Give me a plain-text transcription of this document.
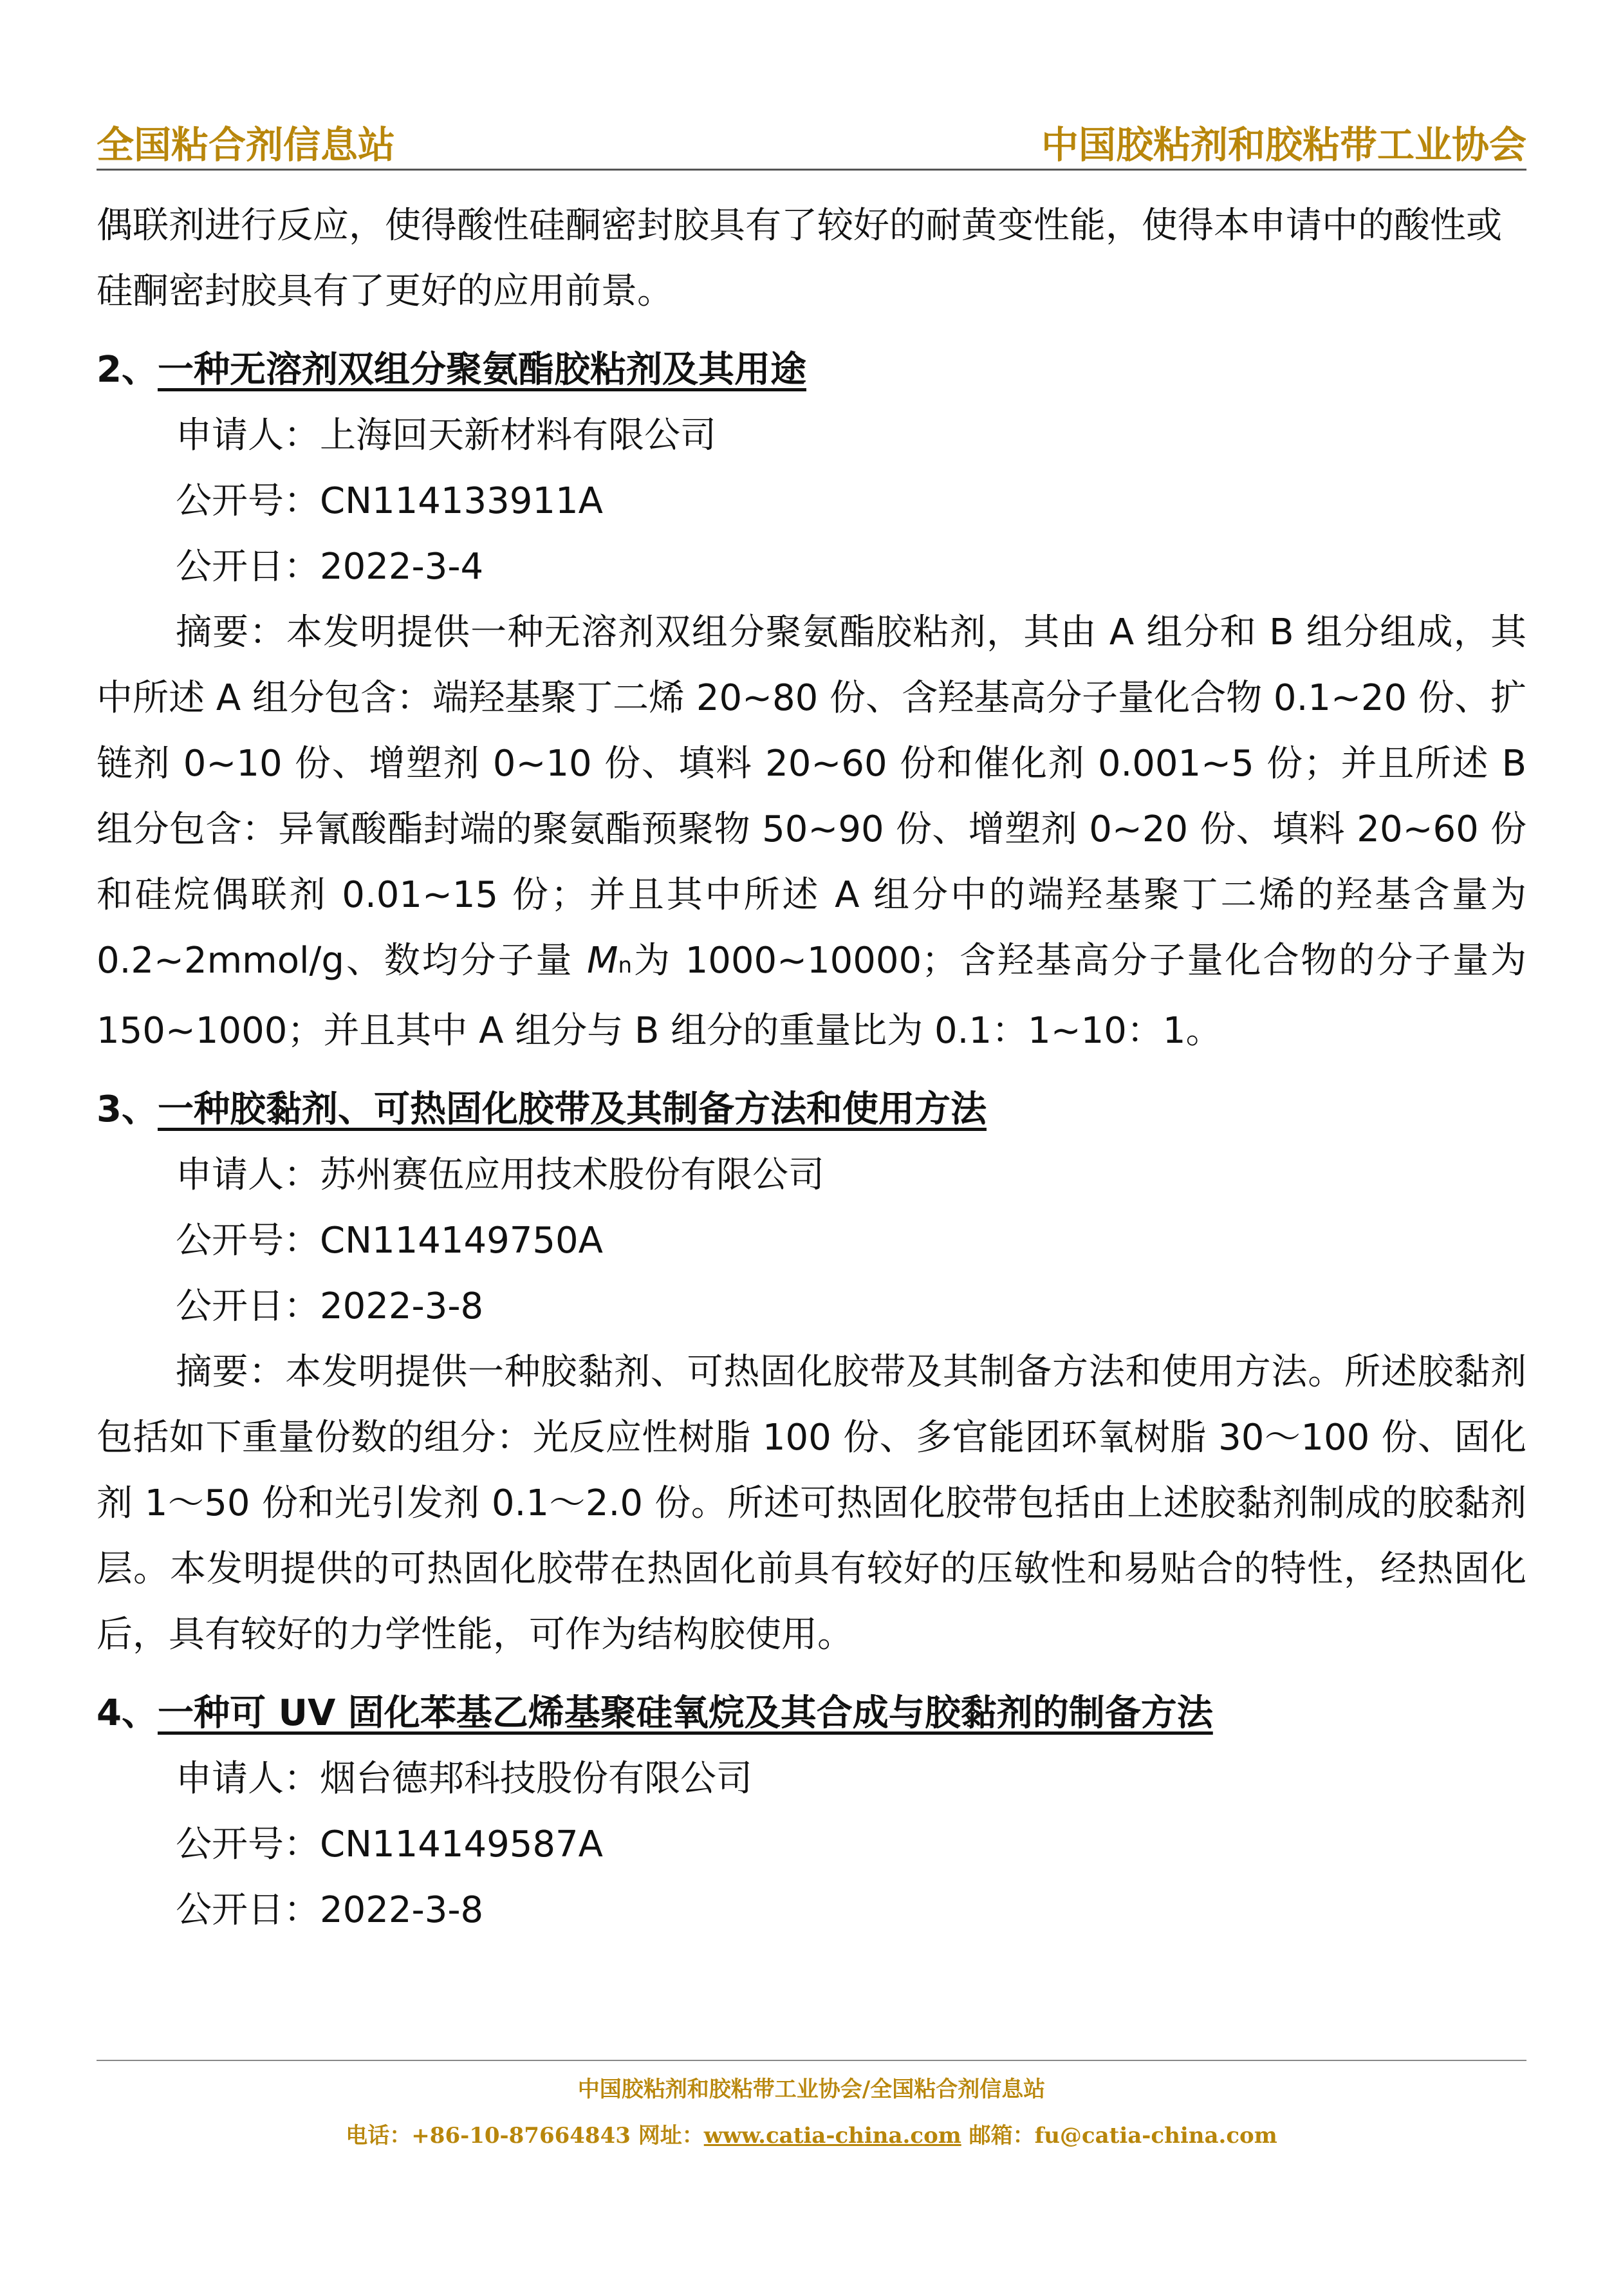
全国粘合剂信息站	中国胶粘剂和胶粘带工业协会

偶联剂进行反应，使得酸性硅酮密封胶具有了较好的耐黄变性能，使得本申请中的酸性或硅酮密封胶具有了更好的应用前景。

2、一种无溶剂双组分聚氨酯胶粘剂及其用途

申请人：上海回天新材料有限公司

公开号：CN114133911A

公开日：2022-3-4

摘要：本发明提供一种无溶剂双组分聚氨酯胶粘剂，其由 A 组分和 B 组分组成，其中所述 A 组分包含：端羟基聚丁二烯 20~80 份、含羟基高分子量化合物 0.1~20 份、扩链剂 0~10 份、增塑剂 0~10 份、填料 20~60 份和催化剂 0.001~5 份；并且所述 B 组分包含：异氰酸酯封端的聚氨酯预聚物 50~90 份、增塑剂 0~20 份、填料 20~60 份和硅烷偶联剂 0.01~15 份；并且其中所述 A 组分中的端羟基聚丁二烯的羟基含量为 0.2~2mmol/g、数均分子量 Mn为 1000~10000；含羟基高分子量化合物的分子量为 150~1000；并且其中 A 组分与 B 组分的重量比为 0.1：1~10：1。

3、一种胶黏剂、可热固化胶带及其制备方法和使用方法

申请人：苏州赛伍应用技术股份有限公司

公开号：CN114149750A

公开日：2022-3-8

摘要：本发明提供一种胶黏剂、可热固化胶带及其制备方法和使用方法。所述胶黏剂包括如下重量份数的组分：光反应性树脂 100 份、多官能团环氧树脂 30～100 份、固化剂 1～50 份和光引发剂 0.1～2.0 份。所述可热固化胶带包括由上述胶黏剂制成的胶黏剂层。本发明提供的可热固化胶带在热固化前具有较好的压敏性和易贴合的特性，经热固化后，具有较好的力学性能，可作为结构胶使用。

4、一种可 UV 固化苯基乙烯基聚硅氧烷及其合成与胶黏剂的制备方法

申请人：烟台德邦科技股份有限公司

公开号：CN114149587A

公开日：2022-3-8

中国胶粘剂和胶粘带工业协会/全国粘合剂信息站
电话：+86-10-87664843 网址：www.catia-china.com 邮箱：fu@catia-china.com
